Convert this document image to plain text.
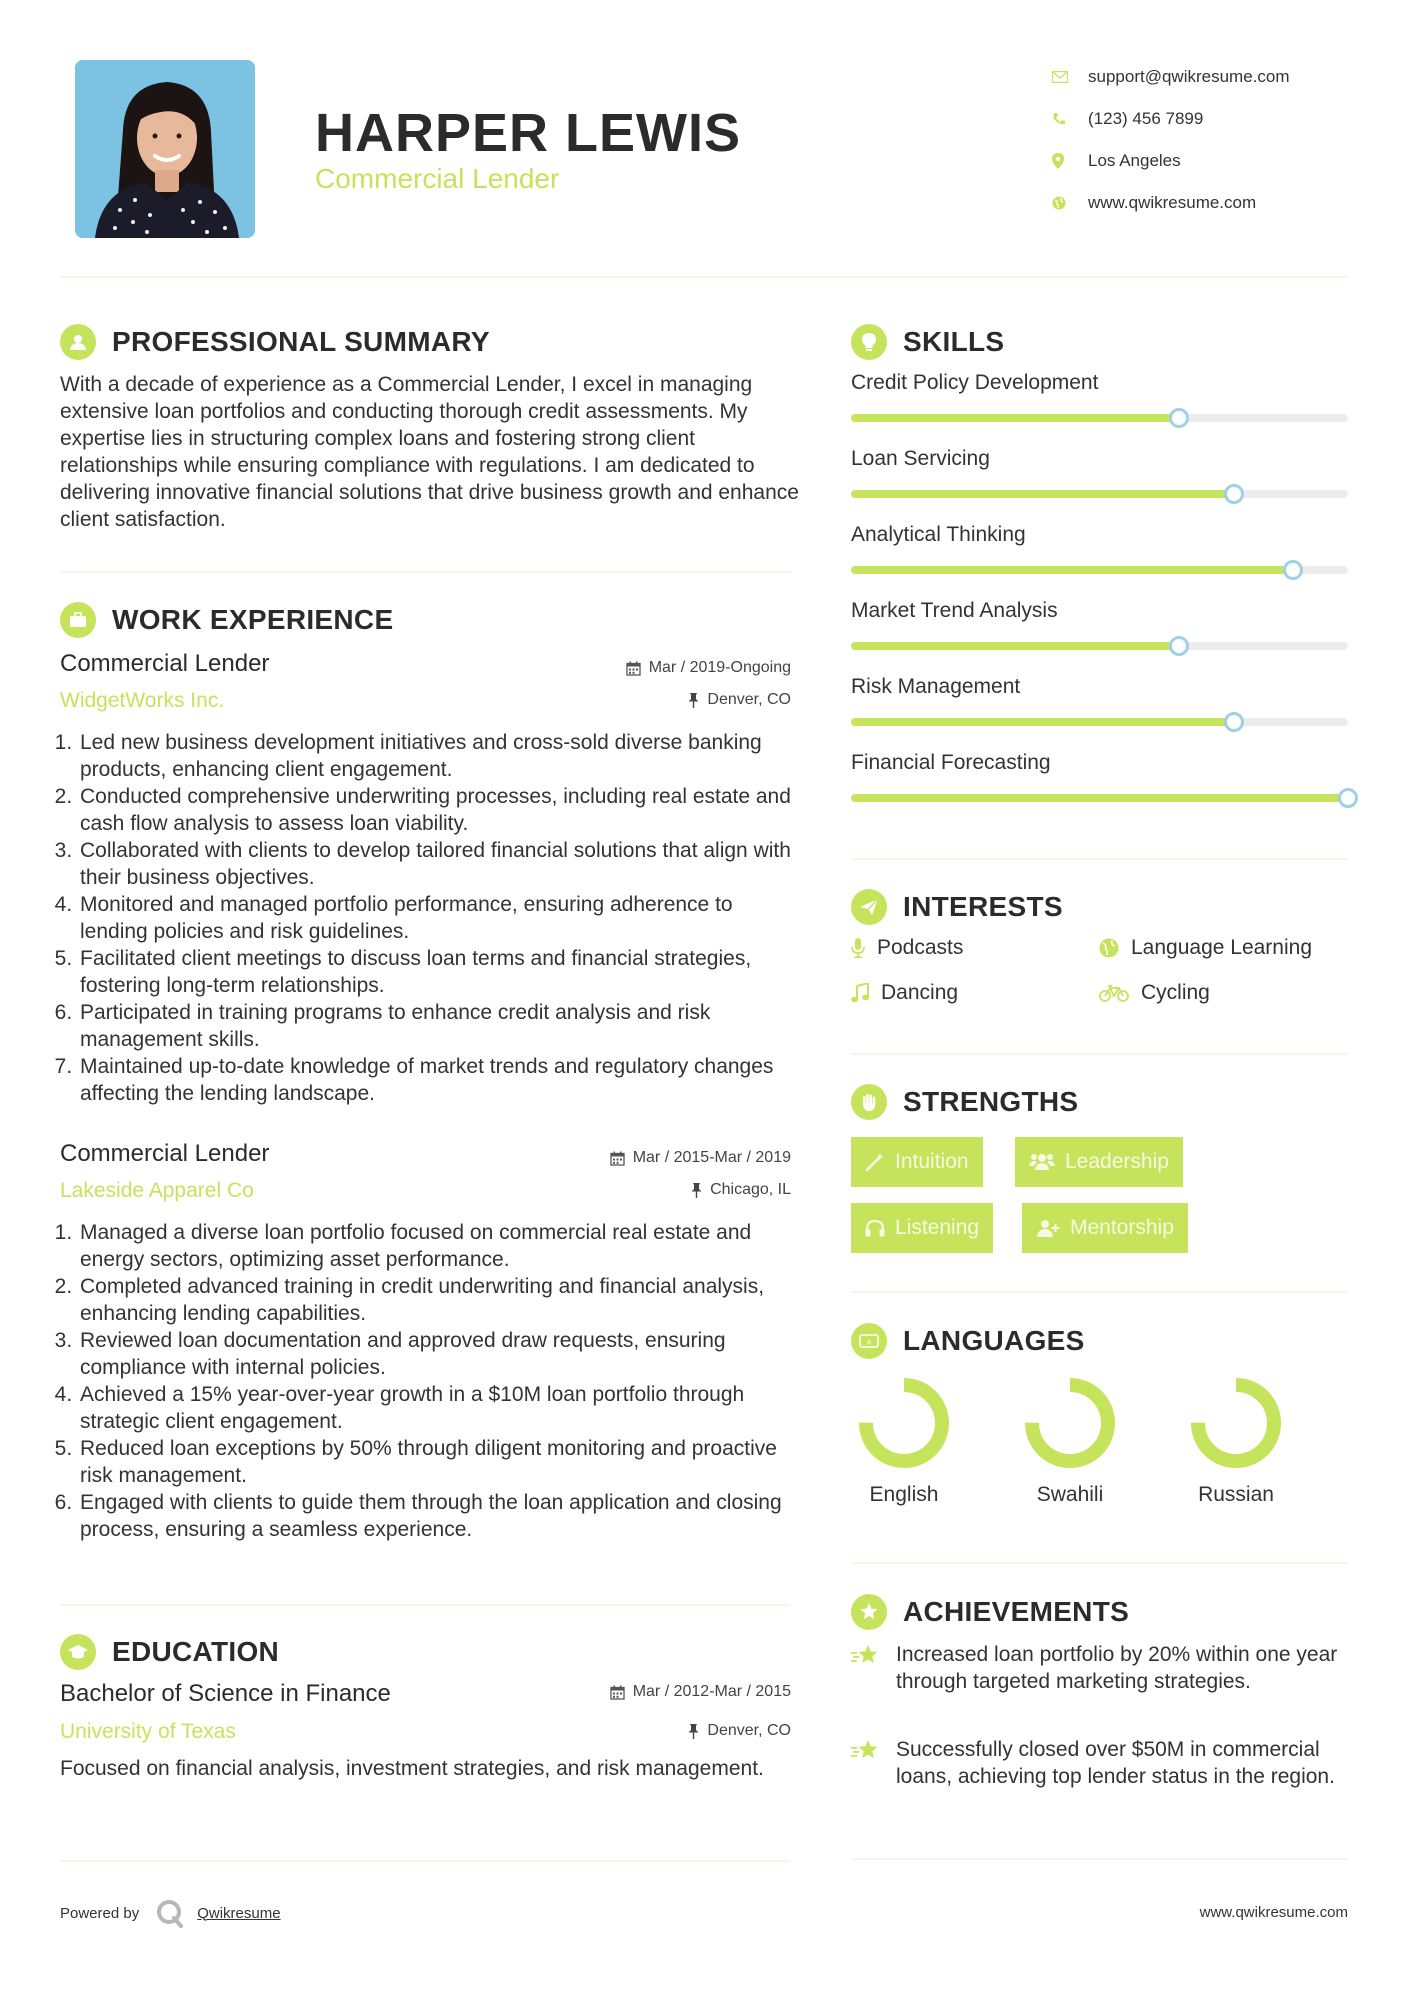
HARPER LEWIS
Commercial Lender
support@qwikresume.com
(123) 456 7899
Los Angeles
www.qwikresume.com
PROFESSIONAL SUMMARY
With a decade of experience as a Commercial Lender, I excel in managing extensive loan portfolios and conducting thorough credit assessments. My expertise lies in structuring complex loans and fostering strong client relationships while ensuring compliance with regulations. I am dedicated to delivering innovative financial solutions that drive business growth and enhance client satisfaction.
WORK EXPERIENCE
Commercial Lender
WidgetWorks Inc.
Mar / 2019-Ongoing
Denver, CO
1. Led new business development initiatives and cross-sold diverse banking products, enhancing client engagement.
2. Conducted comprehensive underwriting processes, including real estate and cash flow analysis to assess loan viability.
3. Collaborated with clients to develop tailored financial solutions that align with their business objectives.
4. Monitored and managed portfolio performance, ensuring adherence to lending policies and risk guidelines.
5. Facilitated client meetings to discuss loan terms and financial strategies, fostering long-term relationships.
6. Participated in training programs to enhance credit analysis and risk management skills.
7. Maintained up-to-date knowledge of market trends and regulatory changes affecting the lending landscape.
Commercial Lender
Lakeside Apparel Co
Mar / 2015-Mar / 2019
Chicago, IL
1. Managed a diverse loan portfolio focused on commercial real estate and energy sectors, optimizing asset performance.
2. Completed advanced training in credit underwriting and financial analysis, enhancing lending capabilities.
3. Reviewed loan documentation and approved draw requests, ensuring compliance with internal policies.
4. Achieved a 15% year-over-year growth in a $10M loan portfolio through strategic client engagement.
5. Reduced loan exceptions by 50% through diligent monitoring and proactive risk management.
6. Engaged with clients to guide them through the loan application and closing process, ensuring a seamless experience.
EDUCATION
Bachelor of Science in Finance
University of Texas
Mar / 2012-Mar / 2015
Denver, CO
Focused on financial analysis, investment strategies, and risk management.
SKILLS
Credit Policy Development
Loan Servicing
Analytical Thinking
Market Trend Analysis
Risk Management
Financial Forecasting
INTERESTS
Podcasts	Language Learning
Dancing	Cycling
STRENGTHS
Intuition	Leadership
Listening	Mentorship
A LANGUAGES
English	Swahili	Russian
ACHIEVEMENTS
Increased loan portfolio by 20% within one year through targeted marketing strategies.
Successfully closed over $50M in commercial loans, achieving top lender status in the region.
Powered by	Qwikresume	www.qwikresume.com
